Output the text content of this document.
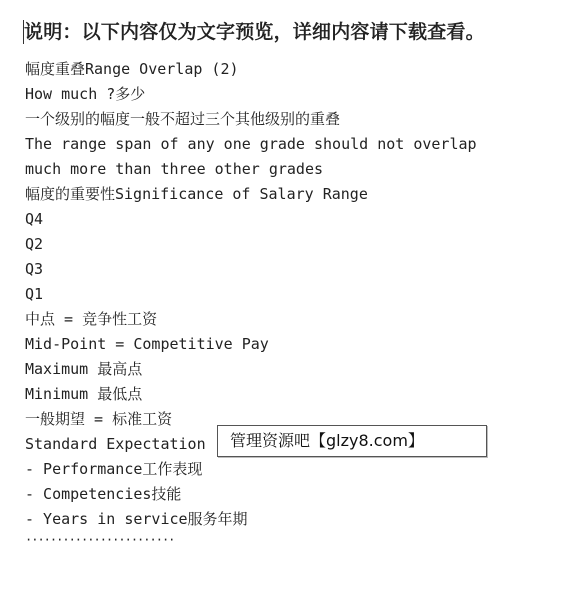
说明：以下内容仅为文字预览，详细内容请下载查看。
幅度重叠Range Overlap (2)
How much ?多少
一个级别的幅度一般不超过三个其他级别的重叠
The range span of any one grade should not overlap
much more than three other grades
幅度的重要性Significance of Salary Range
Q4
Q2
Q3
Q1
中点 = 竞争性工资
Mid-Point = Competitive Pay
Maximum 最高点
Minimum 最低点
一般期望 = 标准工资
Standard Expectation
- Performance工作表现
- Competencies技能
- Years in service服务年期
························
管理资源吧【glzy8.com】
